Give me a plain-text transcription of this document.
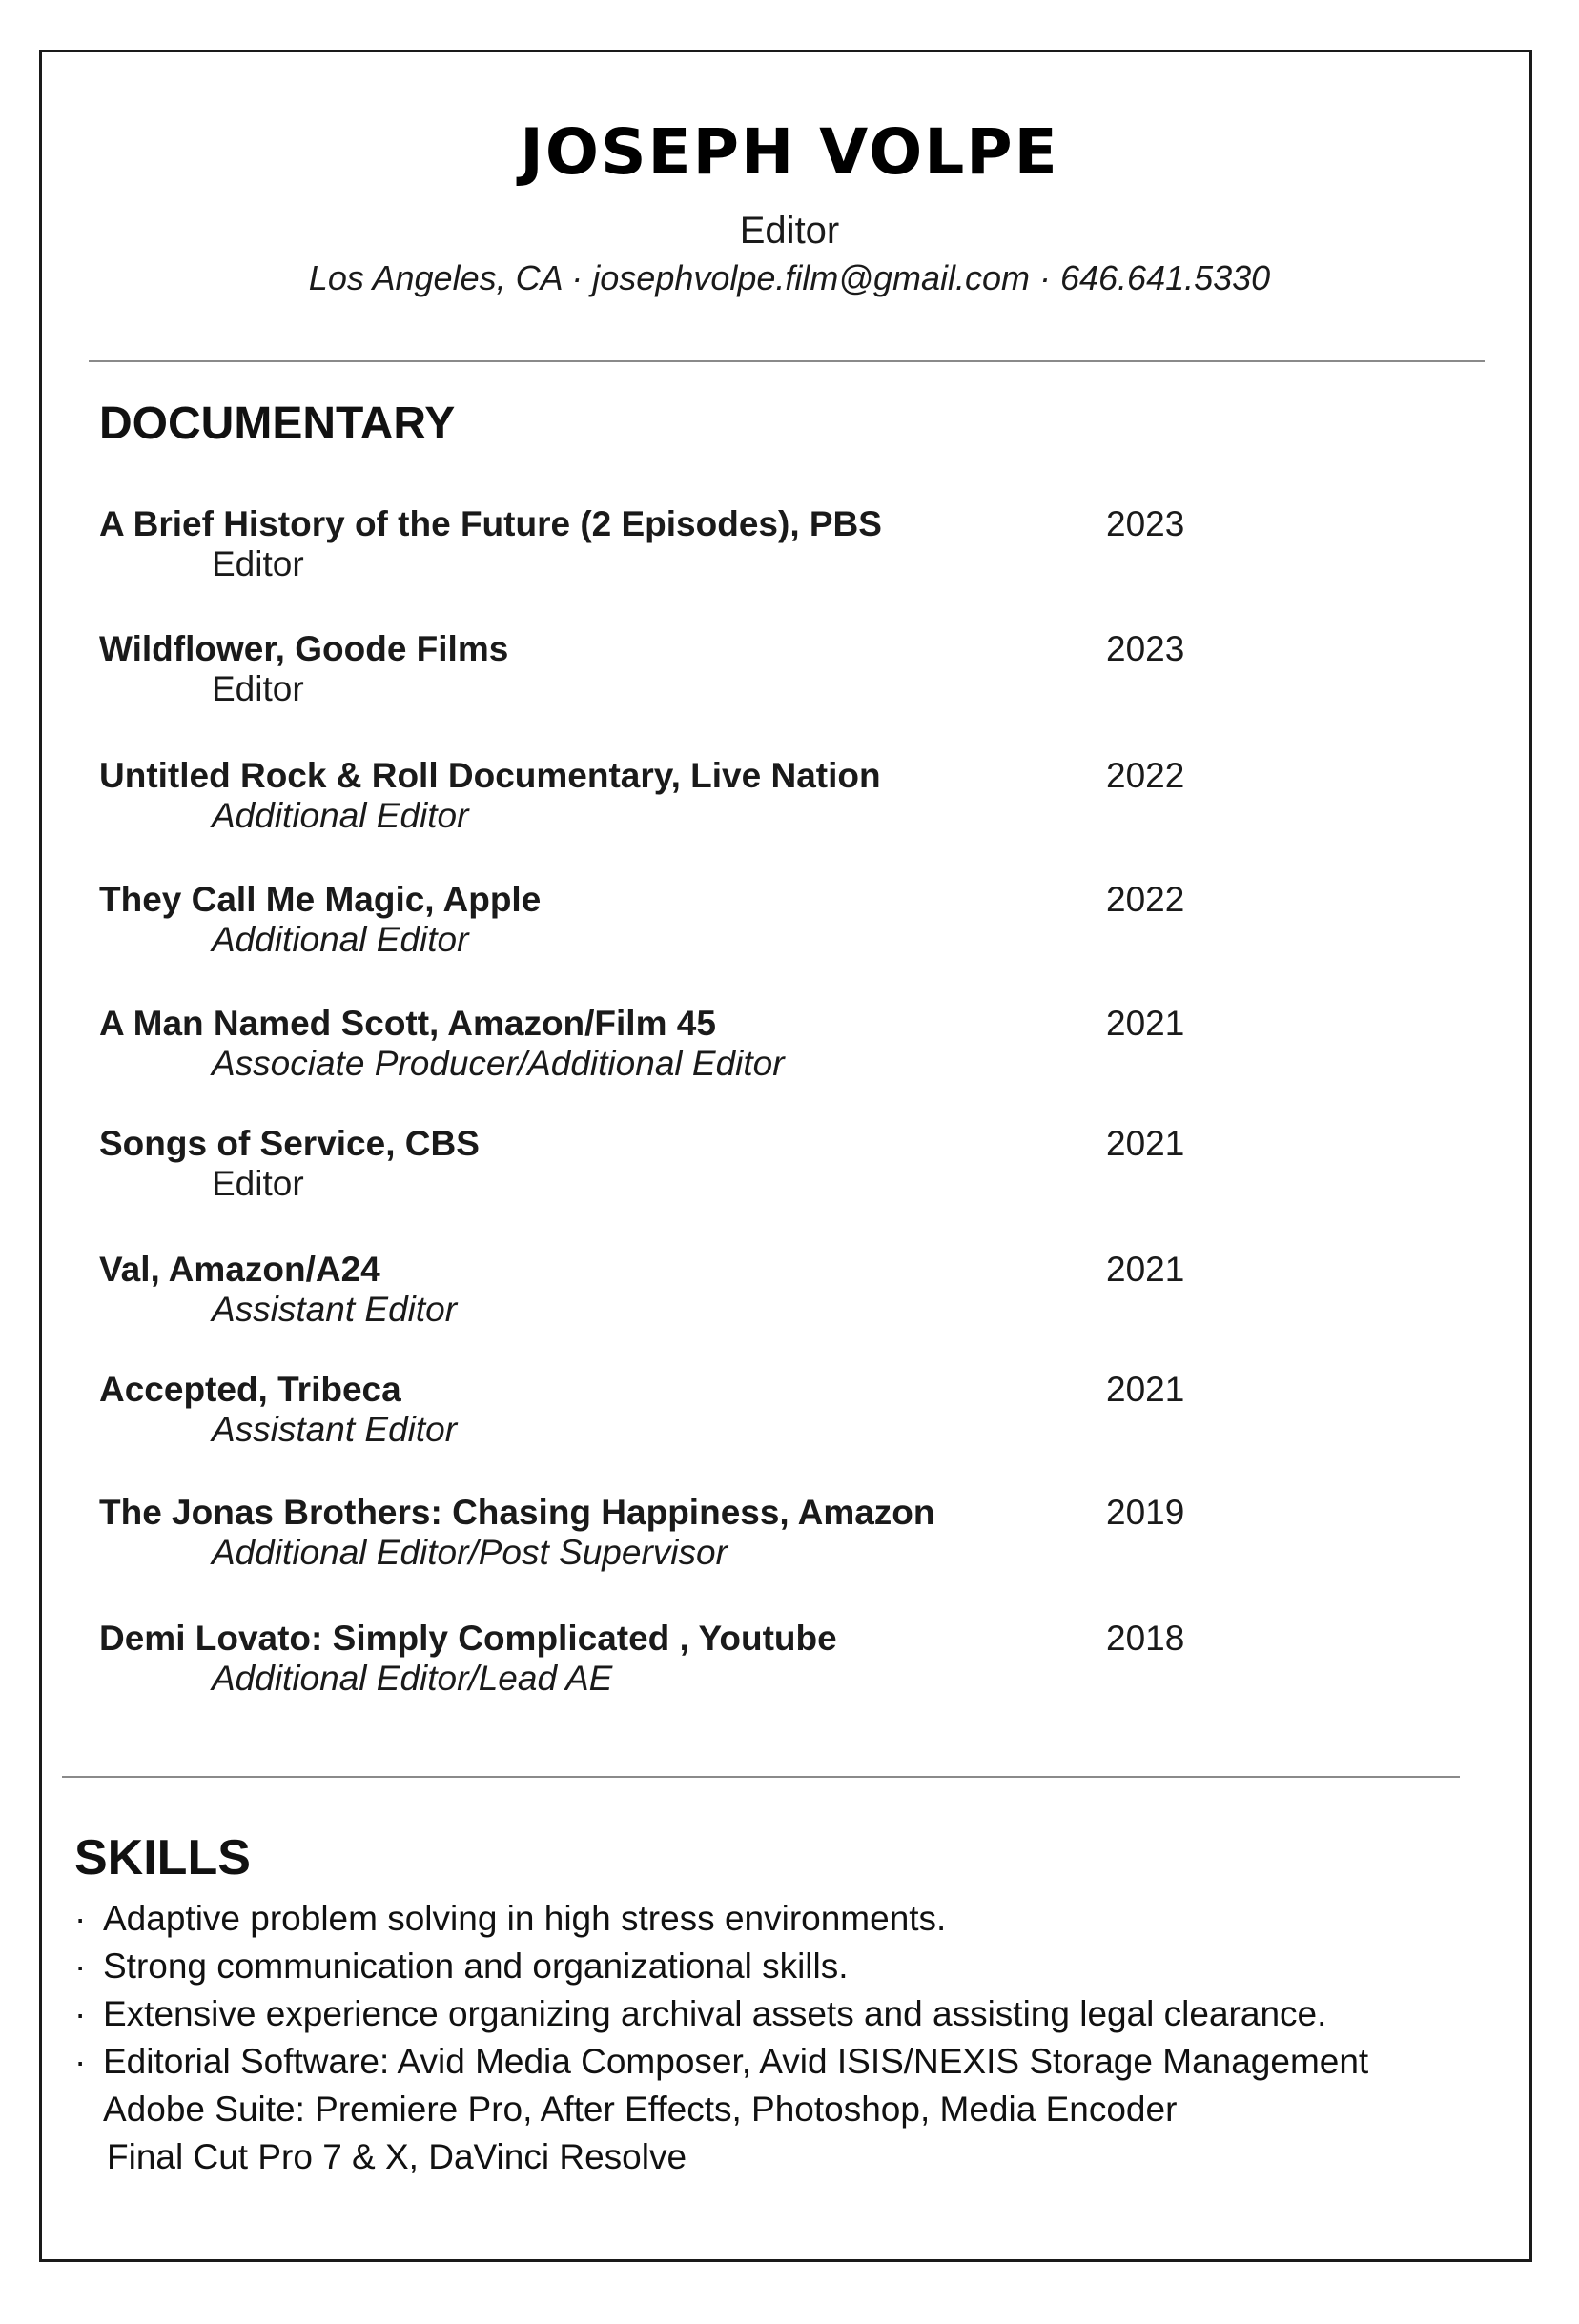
JOSEPH VOLPE
Editor
Los Angeles, CA · josephvolpe.film@gmail.com · 646.641.5330
DOCUMENTARY
A Brief History of the Future (2 Episodes), PBS	2023
Editor
Wildflower, Goode Films	2023
Editor
Untitled Rock & Roll Documentary, Live Nation	2022
Additional Editor
They Call Me Magic, Apple	2022
Additional Editor
A Man Named Scott, Amazon/Film 45	2021
Associate Producer/Additional Editor
Songs of Service, CBS	2021
Editor
Val, Amazon/A24	2021
Assistant Editor
Accepted, Tribeca	2021
Assistant Editor
The Jonas Brothers: Chasing Happiness, Amazon	2019
Additional Editor/Post Supervisor
Demi Lovato: Simply Complicated , Youtube	2018
Additional Editor/Lead AE
SKILLS
· Adaptive problem solving in high stress environments.
· Strong communication and organizational skills.
· Extensive experience organizing archival assets and assisting legal clearance.
· Editorial Software: Avid Media Composer, Avid ISIS/NEXIS Storage Management
Adobe Suite: Premiere Pro, After Effects, Photoshop, Media Encoder
Final Cut Pro 7 & X, DaVinci Resolve
